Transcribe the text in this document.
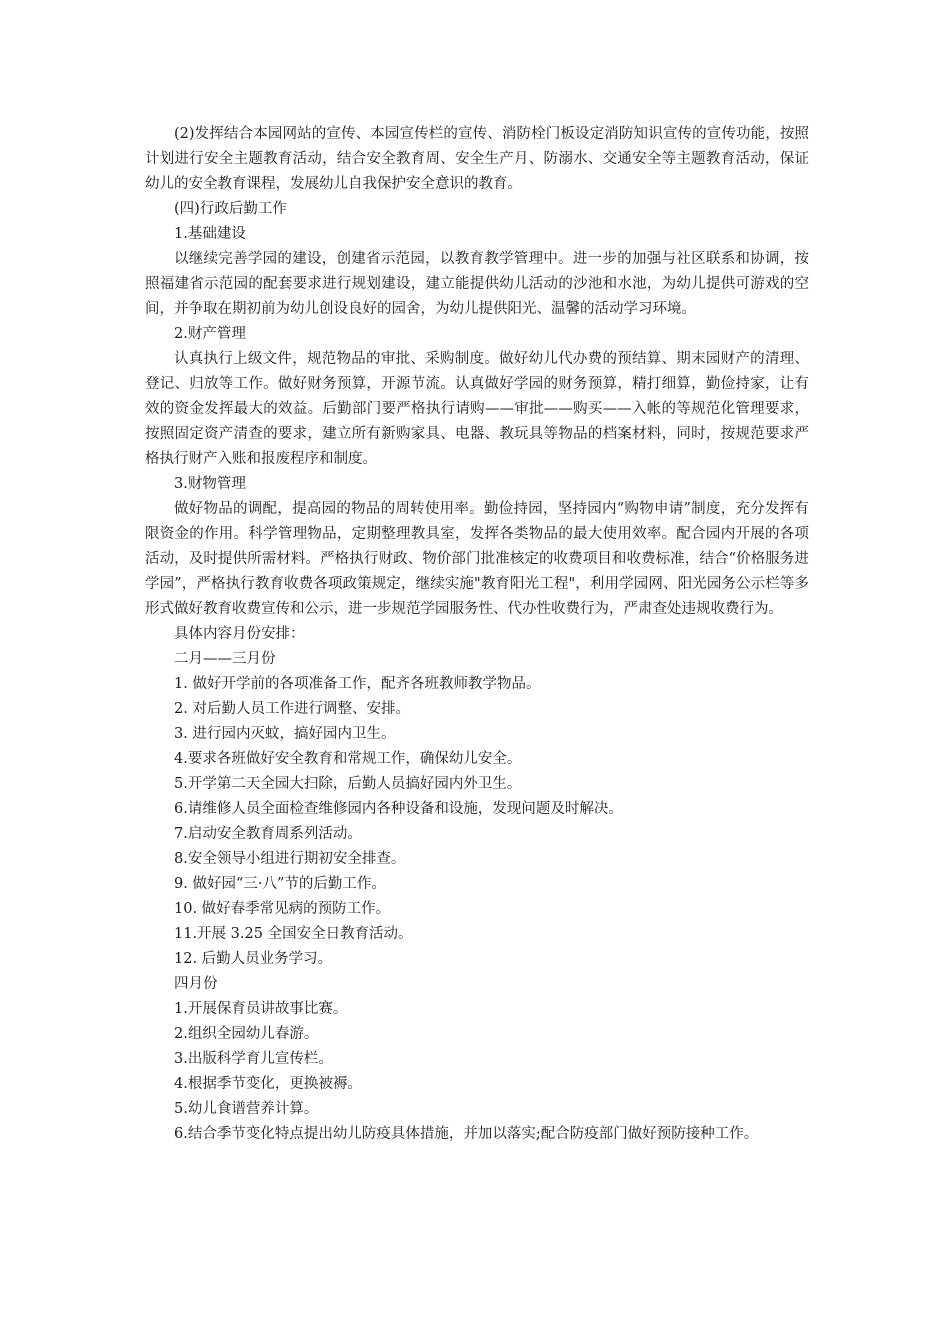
(2)发挥结合本园网站的宣传、本园宣传栏的宣传、消防栓门板设定消防知识宣传的宣传功能，按照计划进行安全主题教育活动，结合安全教育周、安全生产月、防溺水、交通安全等主题教育活动，保证幼儿的安全教育课程，发展幼儿自我保护安全意识的教育。

(四)行政后勤工作

1.基础建设

以继续完善学园的建设，创建省示范园，以教育教学管理中。进一步的加强与社区联系和协调，按照福建省示范园的配套要求进行规划建设，建立能提供幼儿活动的沙池和水池，为幼儿提供可游戏的空间，并争取在期初前为幼儿创设良好的园舍，为幼儿提供阳光、温馨的活动学习环境。

2.财产管理

认真执行上级文件，规范物品的审批、采购制度。做好幼儿代办费的预结算、期末园财产的清理、登记、归放等工作。做好财务预算，开源节流。认真做好学园的财务预算，精打细算，勤俭持家，让有效的资金发挥最大的效益。后勤部门要严格执行请购——审批——购买——入帐的等规范化管理要求，按照固定资产清查的要求，建立所有新购家具、电器、教玩具等物品的档案材料，同时，按规范要求严格执行财产入账和报废程序和制度。

3.财物管理

做好物品的调配，提高园的物品的周转使用率。勤俭持园，坚持园内“购物申请”制度，充分发挥有限资金的作用。科学管理物品，定期整理教具室，发挥各类物品的最大使用效率。配合园内开展的各项活动，及时提供所需材料。严格执行财政、物价部门批准核定的收费项目和收费标准，结合“价格服务进学园”，严格执行教育收费各项政策规定，继续实施"教育阳光工程"，利用学园网、阳光园务公示栏等多形式做好教育收费宣传和公示，进一步规范学园服务性、代办性收费行为，严肃查处违规收费行为。

具体内容月份安排：

二月——三月份

1. 做好开学前的各项准备工作，配齐各班教师教学物品。

2. 对后勤人员工作进行调整、安排。

3. 进行园内灭蚊，搞好园内卫生。

4.要求各班做好安全教育和常规工作，确保幼儿安全。

5.开学第二天全园大扫除，后勤人员搞好园内外卫生。

6.请维修人员全面检查维修园内各种设备和设施，发现问题及时解决。

7.启动安全教育周系列活动。

8.安全领导小组进行期初安全排查。

9. 做好园“三·八”节的后勤工作。

10. 做好春季常见病的预防工作。

11.开展 3.25 全国安全日教育活动。

12. 后勤人员业务学习。

四月份

1.开展保育员讲故事比赛。

2.组织全园幼儿春游。

3.出版科学育儿宣传栏。

4.根据季节变化，更换被褥。

5.幼儿食谱营养计算。

6.结合季节变化特点提出幼儿防疫具体措施，并加以落实;配合防疫部门做好预防接种工作。
